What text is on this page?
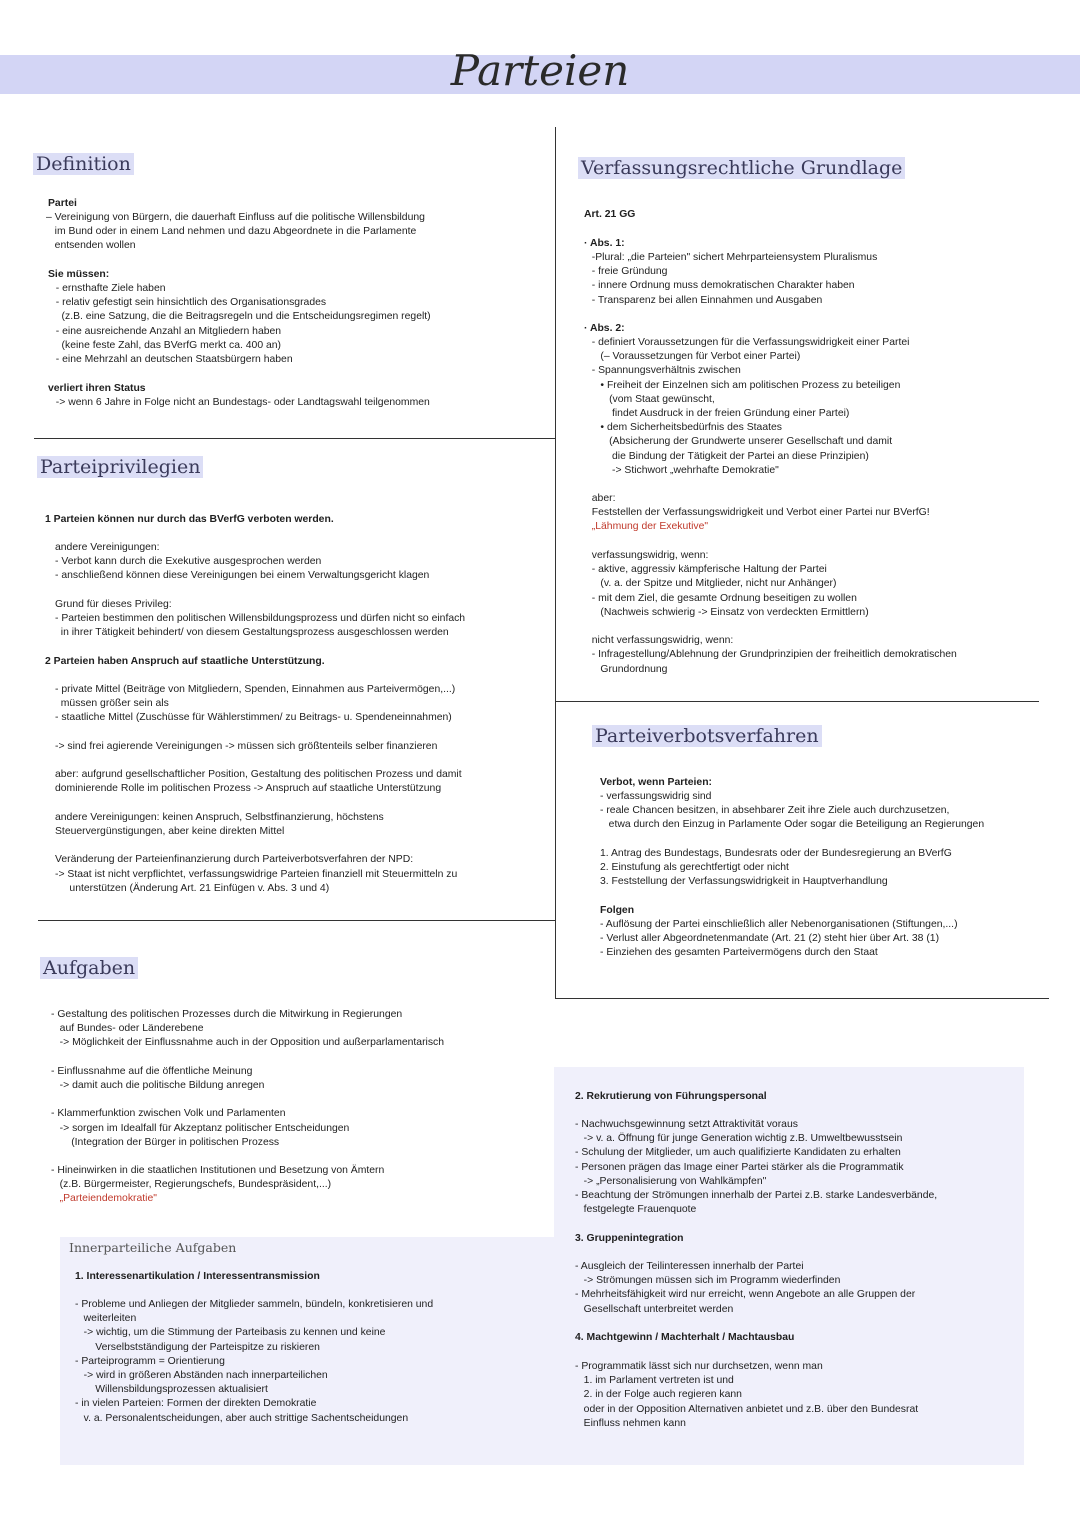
Parteien
Definition
Partei
– Vereinigung von Bürgern, die dauerhaft Einfluss auf die politische Willensbildung
im Bund oder in einem Land nehmen und dazu Abgeordnete in die Parlamente
entsenden wollen
Sie müssen:
- ernsthafte Ziele haben
- relativ gefestigt sein hinsichtlich des Organisationsgrades
(z.B. eine Satzung, die die Beitragsregeln und die Entscheidungsregimen regelt)
- eine ausreichende Anzahl an Mitgliedern haben
(keine feste Zahl, das BVerfG merkt ca. 400 an)
- eine Mehrzahl an deutschen Staatsbürgern haben
verliert ihren Status
-> wenn 6 Jahre in Folge nicht an Bundestags- oder Landtagswahl teilgenommen
Parteiprivilegien
1 Parteien können nur durch das BVerfG verboten werden.
andere Vereinigungen:
- Verbot kann durch die Exekutive ausgesprochen werden
- anschließend können diese Vereinigungen bei einem Verwaltungsgericht klagen

Grund für dieses Privileg:
- Parteien bestimmen den politischen Willensbildungsprozess und dürfen nicht so einfach
in ihrer Tätigkeit behindert/ von diesem Gestaltungsprozess ausgeschlossen werden
2 Parteien haben Anspruch auf staatliche Unterstützung.
- private Mittel (Beiträge von Mitgliedern, Spenden, Einnahmen aus Parteivermögen,...)
müssen größer sein als
- staatliche Mittel (Zuschüsse für Wählerstimmen/ zu Beitrags- u. Spendeneinnahmen)

-> sind frei agierende Vereinigungen -> müssen sich größtenteils selber finanzieren

aber: aufgrund gesellschaftlicher Position, Gestaltung des politischen Prozess und damit
dominierende Rolle im politischen Prozess -> Anspruch auf staatliche Unterstützung

andere Vereinigungen: keinen Anspruch, Selbstfinanzierung, höchstens
Steuervergünstigungen, aber keine direkten Mittel

Veränderung der Parteienfinanzierung durch Parteiverbotsverfahren der NPD:
-> Staat ist nicht verpflichtet, verfassungswidrige Parteien finanziell mit Steuermitteln zu
unterstützen (Änderung Art. 21 Einfügen v. Abs. 3 und 4)
Aufgaben
- Gestaltung des politischen Prozesses durch die Mitwirkung in Regierungen
auf Bundes- oder Länderebene
-> Möglichkeit der Einflussnahme auch in der Opposition und außerparlamentarisch

- Einflussnahme auf die öffentliche Meinung
-> damit auch die politische Bildung anregen

- Klammerfunktion zwischen Volk und Parlamenten
-> sorgen im Idealfall für Akzeptanz politischer Entscheidungen
(Integration der Bürger in politischen Prozess

- Hineinwirken in die staatlichen Institutionen und Besetzung von Ämtern
(z.B. Bürgermeister, Regierungschefs, Bundespräsident,...)
„Parteiendemokratie"
Innerparteiliche Aufgaben
1. Interessenartikulation / Interessentransmission
- Probleme und Anliegen der Mitglieder sammeln, bündeln, konkretisieren und
weiterleiten
-> wichtig, um die Stimmung der Parteibasis zu kennen und keine
Verselbstständigung der Parteispitze zu riskieren
- Parteiprogramm = Orientierung
-> wird in größeren Abständen nach innerparteilichen
Willensbildungsprozessen aktualisiert
- in vielen Parteien: Formen der direkten Demokratie
v. a. Personalentscheidungen, aber auch strittige Sachentscheidungen
2. Rekrutierung von Führungspersonal
- Nachwuchsgewinnung setzt Attraktivität voraus
-> v. a. Öffnung für junge Generation wichtig z.B. Umweltbewusstsein
- Schulung der Mitglieder, um auch qualifizierte Kandidaten zu erhalten
- Personen prägen das Image einer Partei stärker als die Programmatik
-> „Personalisierung von Wahlkämpfen"
- Beachtung der Strömungen innerhalb der Partei z.B. starke Landesverbände,
festgelegte Frauenquote
3. Gruppenintegration
- Ausgleich der Teilinteressen innerhalb der Partei
-> Strömungen müssen sich im Programm wiederfinden
- Mehrheitsfähigkeit wird nur erreicht, wenn Angebote an alle Gruppen der
Gesellschaft unterbreitet werden
4. Machtgewinn / Machterhalt / Machtausbau
- Programmatik lässt sich nur durchsetzen, wenn man
1. im Parlament vertreten ist und
2. in der Folge auch regieren kann
oder in der Opposition Alternativen anbietet und z.B. über den Bundesrat
Einfluss nehmen kann
Verfassungsrechtliche Grundlage
Art. 21 GG
· Abs. 1:
-Plural: „die Parteien" sichert Mehrparteiensystem Pluralismus
- freie Gründung
- innere Ordnung muss demokratischen Charakter haben
- Transparenz bei allen Einnahmen und Ausgaben
· Abs. 2:
- definiert Voraussetzungen für die Verfassungswidrigkeit einer Partei
(– Voraussetzungen für Verbot einer Partei)
- Spannungsverhältnis zwischen
• Freiheit der Einzelnen sich am politischen Prozess zu beteiligen
(vom Staat gewünscht,
findet Ausdruck in der freien Gründung einer Partei)
• dem Sicherheitsbedürfnis des Staates
(Absicherung der Grundwerte unserer Gesellschaft und damit
die Bindung der Tätigkeit der Partei an diese Prinzipien)
-> Stichwort „wehrhafte Demokratie"
aber:
Feststellen der Verfassungswidrigkeit und Verbot einer Partei nur BVerfG!
„Lähmung der Exekutive"
verfassungswidrig, wenn:
- aktive, aggressiv kämpferische Haltung der Partei
(v. a. der Spitze und Mitglieder, nicht nur Anhänger)
- mit dem Ziel, die gesamte Ordnung beseitigen zu wollen
(Nachweis schwierig -> Einsatz von verdeckten Ermittlern)

nicht verfassungswidrig, wenn:
- Infragestellung/Ablehnung der Grundprinzipien der freiheitlich demokratischen
Grundordnung
Parteiverbotsverfahren
Verbot, wenn Parteien:
- verfassungswidrig sind
- reale Chancen besitzen, in absehbarer Zeit ihre Ziele auch durchzusetzen,
etwa durch den Einzug in Parlamente Oder sogar die Beteiligung an Regierungen

1. Antrag des Bundestags, Bundesrats oder der Bundesregierung an BVerfG
2. Einstufung als gerechtfertigt oder nicht
3. Feststellung der Verfassungswidrigkeit in Hauptverhandlung
Folgen
- Auflösung der Partei einschließlich aller Nebenorganisationen (Stiftungen,...)
- Verlust aller Abgeordnetenmandate (Art. 21 (2) steht hier über Art. 38 (1)
- Einziehen des gesamten Parteivermögens durch den Staat
